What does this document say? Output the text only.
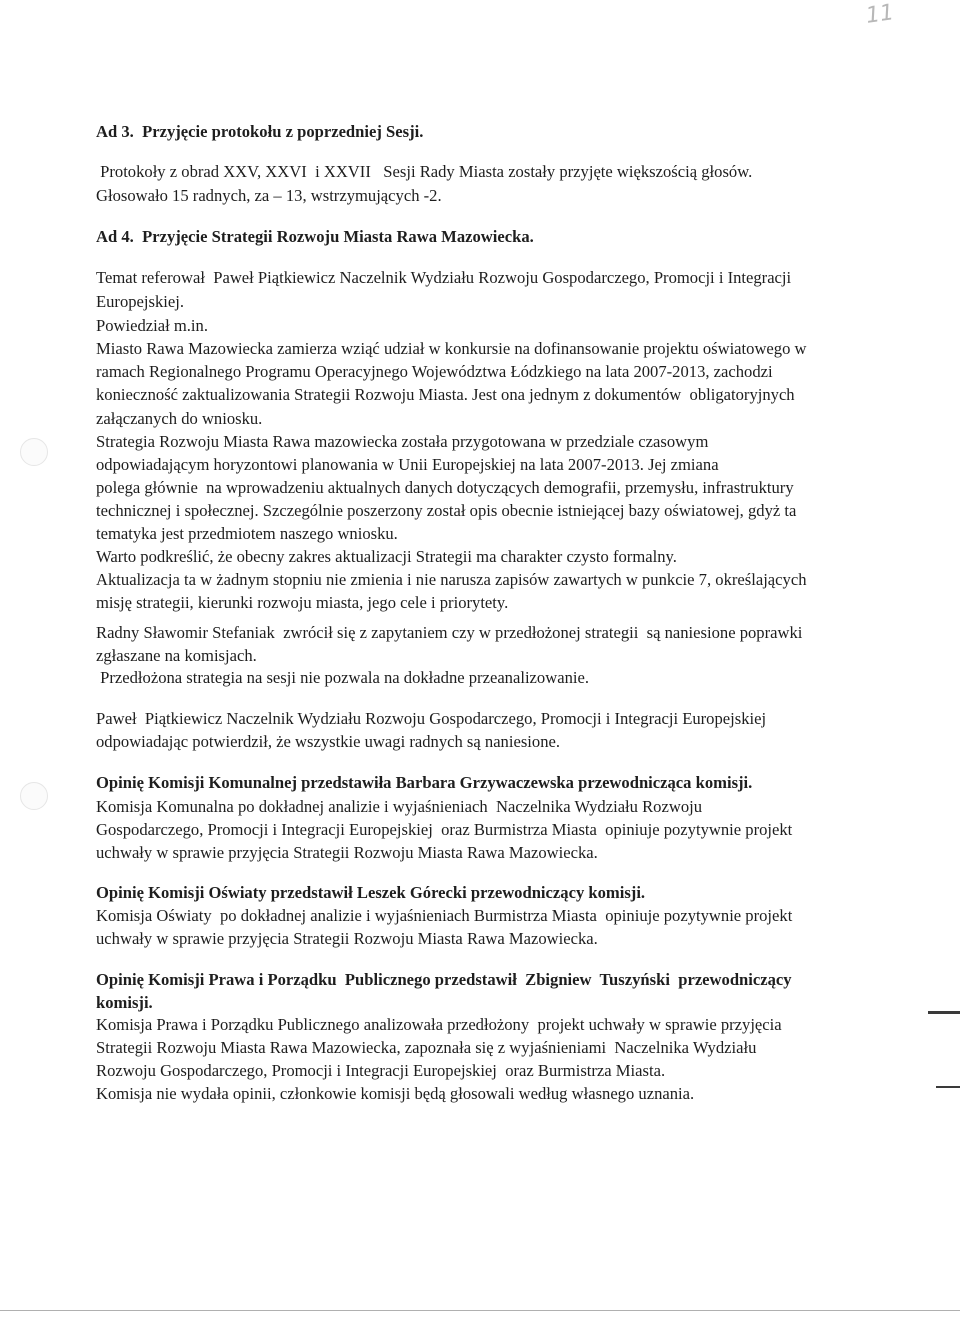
11
Ad 3.  Przyjęcie protokołu z poprzedniej Sesji.
Protokoły z obrad XXV, XXVI  i XXVII   Sesji Rady Miasta zostały przyjęte większością głosów.
Głosowało 15 radnych, za – 13, wstrzymujących -2.
Ad 4.  Przyjęcie Strategii Rozwoju Miasta Rawa Mazowiecka.
Temat referował  Paweł Piątkiewicz Naczelnik Wydziału Rozwoju Gospodarczego, Promocji i Integracji
Europejskiej.
Powiedział m.in.
Miasto Rawa Mazowiecka zamierza wziąć udział w konkursie na dofinansowanie projektu oświatowego w
ramach Regionalnego Programu Operacyjnego Województwa Łódzkiego na lata 2007-2013, zachodzi
konieczność zaktualizowania Strategii Rozwoju Miasta. Jest ona jednym z dokumentów  obligatoryjnych
załączanych do wniosku.
Strategia Rozwoju Miasta Rawa mazowiecka została przygotowana w przedziale czasowym
odpowiadającym horyzontowi planowania w Unii Europejskiej na lata 2007-2013. Jej zmiana
polega głównie  na wprowadzeniu aktualnych danych dotyczących demografii, przemysłu, infrastruktury
technicznej i społecznej. Szczególnie poszerzony został opis obecnie istniejącej bazy oświatowej, gdyż ta
tematyka jest przedmiotem naszego wniosku.
Warto podkreślić, że obecny zakres aktualizacji Strategii ma charakter czysto formalny.
Aktualizacja ta w żadnym stopniu nie zmienia i nie narusza zapisów zawartych w punkcie 7, określających
misję strategii, kierunki rozwoju miasta, jego cele i priorytety.
Radny Sławomir Stefaniak  zwrócił się z zapytaniem czy w przedłożonej strategii  są naniesione poprawki
zgłaszane na komisjach.
Przedłożona strategia na sesji nie pozwala na dokładne przeanalizowanie.
Paweł  Piątkiewicz Naczelnik Wydziału Rozwoju Gospodarczego, Promocji i Integracji Europejskiej
odpowiadając potwierdził, że wszystkie uwagi radnych są naniesione.
Opinię Komisji Komunalnej przedstawiła Barbara Grzywaczewska przewodnicząca komisji.
Komisja Komunalna po dokładnej analizie i wyjaśnieniach  Naczelnika Wydziału Rozwoju
Gospodarczego, Promocji i Integracji Europejskiej  oraz Burmistrza Miasta  opiniuje pozytywnie projekt
uchwały w sprawie przyjęcia Strategii Rozwoju Miasta Rawa Mazowiecka.
Opinię Komisji Oświaty przedstawił Leszek Górecki przewodniczący komisji.
Komisja Oświaty  po dokładnej analizie i wyjaśnieniach Burmistrza Miasta  opiniuje pozytywnie projekt
uchwały w sprawie przyjęcia Strategii Rozwoju Miasta Rawa Mazowiecka.
Opinię Komisji Prawa i Porządku  Publicznego przedstawił  Zbigniew  Tuszyński  przewodniczący
komisji.
Komisja Prawa i Porządku Publicznego analizowała przedłożony  projekt uchwały w sprawie przyjęcia
Strategii Rozwoju Miasta Rawa Mazowiecka, zapoznała się z wyjaśnieniami  Naczelnika Wydziału
Rozwoju Gospodarczego, Promocji i Integracji Europejskiej  oraz Burmistrza Miasta.
Komisja nie wydała opinii, członkowie komisji będą głosowali według własnego uznania.
